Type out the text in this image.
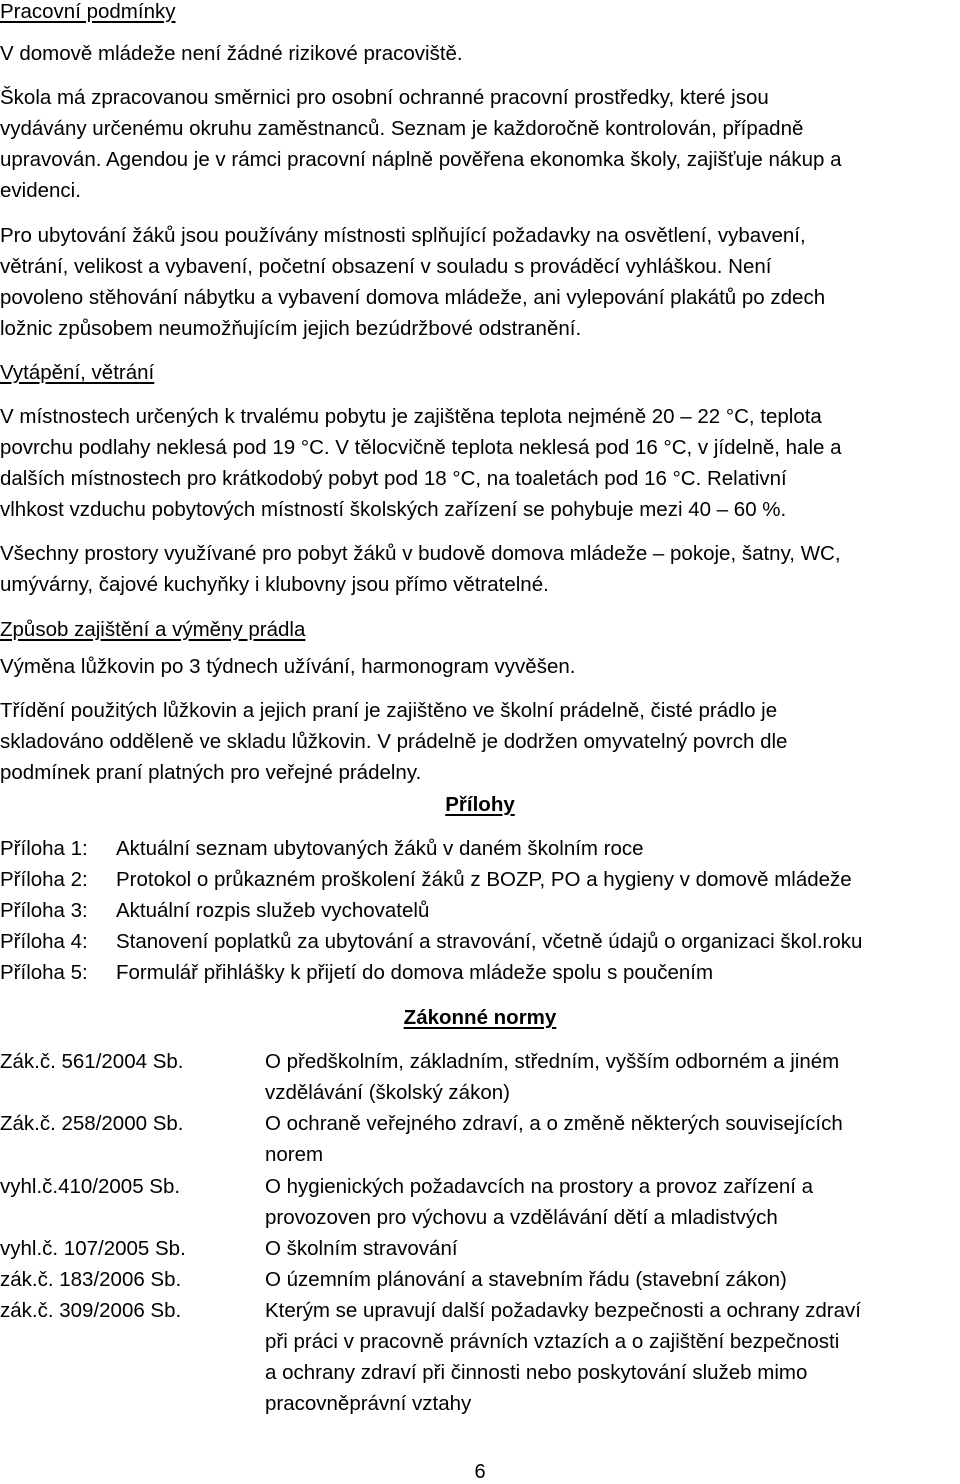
Pracovní podmínky
V domově mládeže není žádné rizikové pracoviště.
Škola má zpracovanou směrnici pro osobní ochranné pracovní prostředky, které jsou
vydávány určenému okruhu zaměstnanců. Seznam je každoročně kontrolován, případně
upravován. Agendou je v rámci pracovní náplně pověřena ekonomka školy, zajišťuje nákup a
evidenci.
Pro ubytování žáků jsou používány místnosti splňující požadavky na osvětlení, vybavení,
větrání, velikost a vybavení, početní obsazení v souladu s prováděcí vyhláškou. Není
povoleno stěhování nábytku a vybavení domova mládeže, ani vylepování plakátů po zdech
ložnic způsobem neumožňujícím jejich bezúdržbové odstranění.
Vytápění, větrání
V místnostech určených k trvalému pobytu je zajištěna teplota nejméně 20 – 22 °C, teplota
povrchu podlahy neklesá pod 19 °C. V tělocvičně teplota neklesá pod 16 °C, v jídelně, hale a
dalších místnostech pro krátkodobý pobyt pod 18 °C, na toaletách pod 16 °C. Relativní
vlhkost vzduchu pobytových místností školských zařízení se pohybuje mezi 40 – 60 %.
Všechny prostory využívané pro pobyt žáků v budově domova mládeže – pokoje, šatny, WC,
umývárny, čajové kuchyňky i klubovny jsou přímo větratelné.
Způsob zajištění a výměny prádla
Výměna lůžkovin po 3 týdnech užívání, harmonogram vyvěšen.
Třídění použitých lůžkovin a jejich praní je zajištěno ve školní prádelně, čisté prádlo je
skladováno odděleně ve skladu lůžkovin. V prádelně je dodržen omyvatelný povrch dle
podmínek praní platných pro veřejné prádelny.
Přílohy
Příloha 1: Aktuální seznam ubytovaných žáků v daném školním roce
Příloha 2: Protokol o průkazném proškolení žáků z BOZP, PO a hygieny v domově mládeže
Příloha 3: Aktuální rozpis služeb vychovatelů
Příloha 4: Stanovení poplatků za ubytování a stravování, včetně údajů o organizaci škol.roku
Příloha 5: Formulář přihlášky k přijetí do domova mládeže spolu s poučením
Zákonné normy
Zák.č. 561/2004 Sb.	O předškolním, základním, středním, vyšším odborném a jiném
vzdělávání (školský zákon)
Zák.č. 258/2000 Sb.	O ochraně veřejného zdraví, a o změně některých souvisejících
norem
vyhl.č.410/2005 Sb.	O hygienických požadavcích na prostory a provoz zařízení a
provozoven pro výchovu a vzdělávání dětí a mladistvých
vyhl.č. 107/2005 Sb.	O školním stravování
zák.č. 183/2006 Sb.	O územním plánování a stavebním řádu (stavební zákon)
zák.č. 309/2006 Sb.	Kterým se upravují další požadavky bezpečnosti a ochrany zdraví
při práci v pracovně právních vztazích a o zajištění bezpečnosti
a ochrany zdraví při činnosti nebo poskytování služeb mimo
pracovněprávní vztahy
6
